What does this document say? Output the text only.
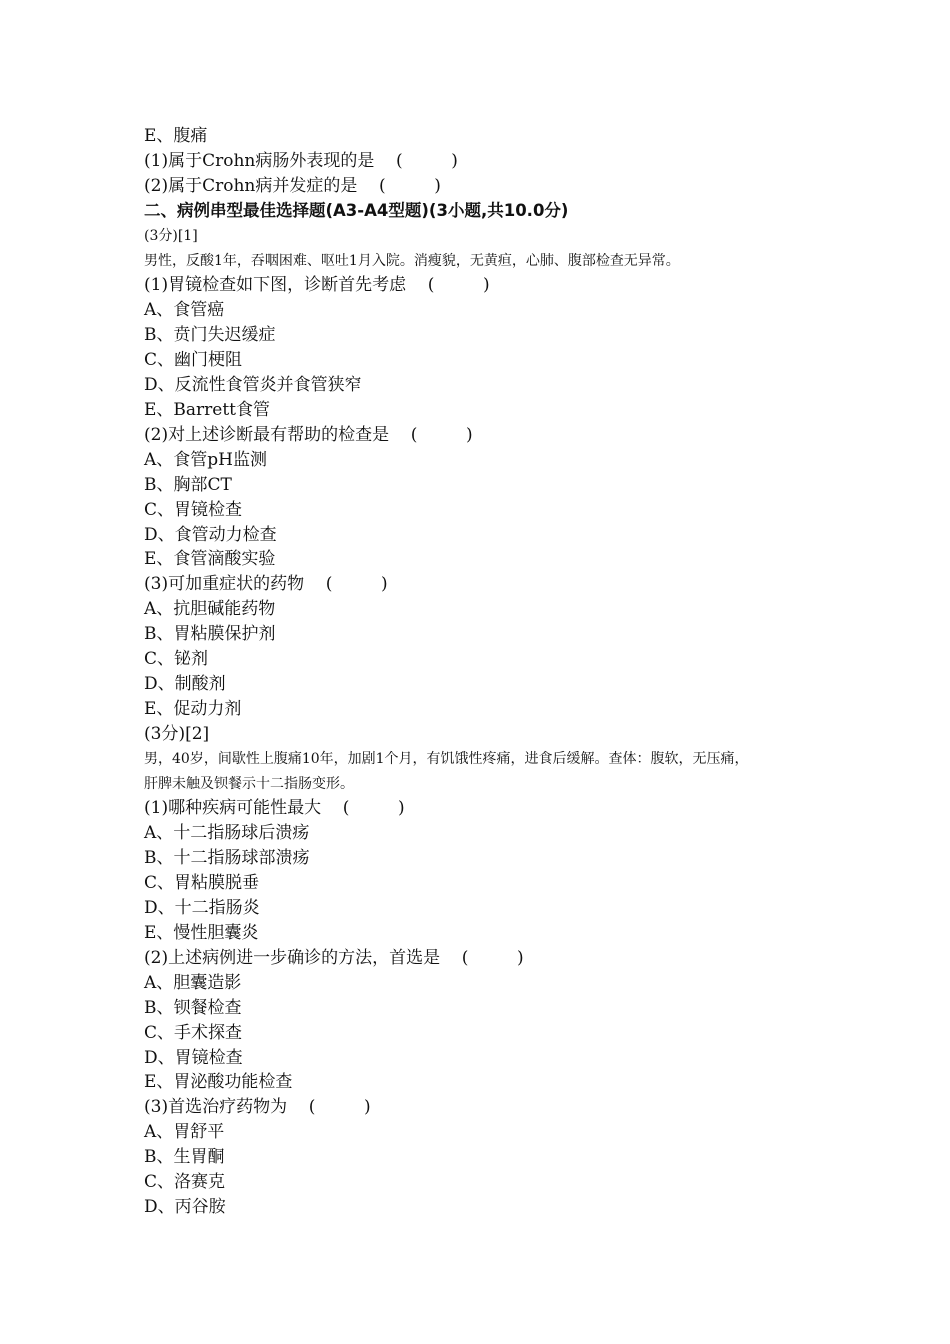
E、腹痛
(1)属于Crohn病肠外表现的是    (         )
(2)属于Crohn病并发症的是    (         )
二、病例串型最佳选择题(A3-A4型题)(3小题,共10.0分)
(3分)[1]
男性，反酸1年，吞咽困难、呕吐1月入院。消瘦貌，无黄疸，心肺、腹部检查无异常。
(1)胃镜检查如下图，诊断首先考虑    (         )
A、食管癌
B、贲门失迟缓症
C、幽门梗阻
D、反流性食管炎并食管狭窄
E、Barrett食管
(2)对上述诊断最有帮助的检查是    (         )
A、食管pH监测
B、胸部CT
C、胃镜检查
D、食管动力检查
E、食管滴酸实验
(3)可加重症状的药物    (         )
A、抗胆碱能药物
B、胃粘膜保护剂
C、铋剂
D、制酸剂
E、促动力剂
(3分)[2]
男，40岁，间歇性上腹痛10年，加剧1个月，有饥饿性疼痛，进食后缓解。查体：腹软，无压痛，
肝脾未触及钡餐示十二指肠变形。
(1)哪种疾病可能性最大    (         )
A、十二指肠球后溃疡
B、十二指肠球部溃疡
C、胃粘膜脱垂
D、十二指肠炎
E、慢性胆囊炎
(2)上述病例进一步确诊的方法，首选是    (         )
A、胆囊造影
B、钡餐检查
C、手术探查
D、胃镜检查
E、胃泌酸功能检查
(3)首选治疗药物为    (         )
A、胃舒平
B、生胃酮
C、洛赛克
D、丙谷胺
